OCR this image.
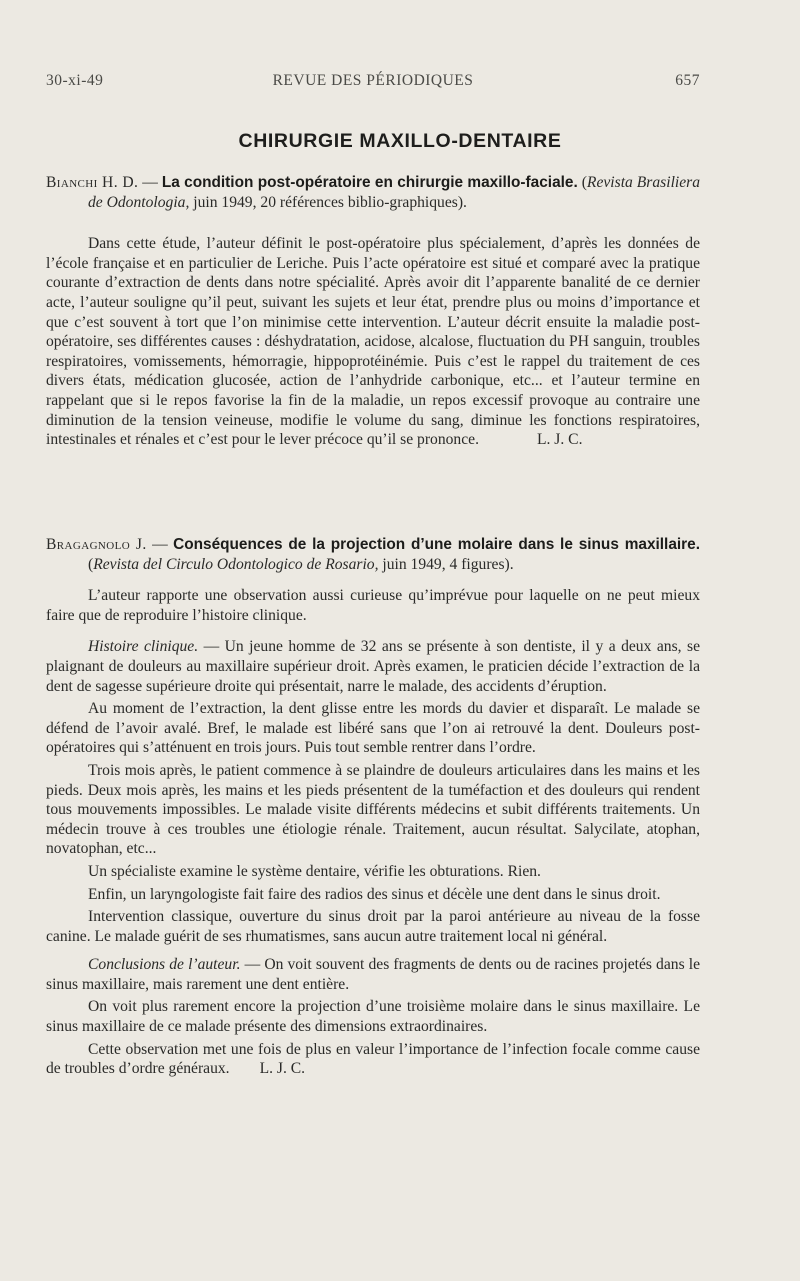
30-xi-49	REVUE DES PÉRIODIQUES	657
CHIRURGIE MAXILLO-DENTAIRE
Bianchi H. D. — La condition post-opératoire en chirurgie maxillo-faciale. (Revista Brasiliera de Odontologia, juin 1949, 20 références biblio-graphiques).

Dans cette étude, l’auteur définit le post-opératoire plus spécialement, d’après les données de l’école française et en particulier de Leriche. Puis l’acte opératoire est situé et comparé avec la pratique courante d’extraction de dents dans notre spécialité. Après avoir dit l’apparente banalité de ce dernier acte, l’auteur souligne qu’il peut, suivant les sujets et leur état, prendre plus ou moins d’importance et que c’est souvent à tort que l’on minimise cette intervention. L’auteur décrit ensuite la maladie post-opératoire, ses différentes causes : déshydratation, acidose, alcalose, fluctuation du PH sanguin, troubles respiratoires, vomissements, hémorragie, hippoprotéinémie. Puis c’est le rappel du traitement de ces divers états, médication glucosée, action de l’anhydride carbonique, etc... et l’auteur termine en rappelant que si le repos favorise la fin de la maladie, un repos excessif provoque au contraire une diminution de la tension veineuse, modifie le volume du sang, diminue les fonctions respiratoires, intestinales et rénales et c’est pour le lever précoce qu’il se prononce.	L. J. C.

Bragagnolo J. — Conséquences de la projection d’une molaire dans le sinus maxillaire. (Revista del Circulo Odontologico de Rosario, juin 1949, 4 figures).

L’auteur rapporte une observation aussi curieuse qu’imprévue pour laquelle on ne peut mieux faire que de reproduire l’histoire clinique.

Histoire clinique. — Un jeune homme de 32 ans se présente à son dentiste, il y a deux ans, se plaignant de douleurs au maxillaire supérieur droit. Après examen, le praticien décide l’extraction de la dent de sagesse supérieure droite qui présentait, narre le malade, des accidents d’éruption.

Au moment de l’extraction, la dent glisse entre les mords du davier et disparaît. Le malade se défend de l’avoir avalé. Bref, le malade est libéré sans que l’on ai retrouvé la dent. Douleurs post-opératoires qui s’atténuent en trois jours. Puis tout semble rentrer dans l’ordre.

Trois mois après, le patient commence à se plaindre de douleurs articulaires dans les mains et les pieds. Deux mois après, les mains et les pieds présentent de la tuméfaction et des douleurs qui rendent tous mouvements impossibles. Le malade visite différents médecins et subit différents traitements. Un médecin trouve à ces troubles une étiologie rénale. Traitement, aucun résultat. Salycilate, atophan, novatophan, etc...

Un spécialiste examine le système dentaire, vérifie les obturations. Rien.

Enfin, un laryngologiste fait faire des radios des sinus et décèle une dent dans le sinus droit.

Intervention classique, ouverture du sinus droit par la paroi antérieure au niveau de la fosse canine. Le malade guérit de ses rhumatismes, sans aucun autre traitement local ni général.

Conclusions de l’auteur. — On voit souvent des fragments de dents ou de racines projetés dans le sinus maxillaire, mais rarement une dent entière.

On voit plus rarement encore la projection d’une troisième molaire dans le sinus maxillaire. Le sinus maxillaire de ce malade présente des dimensions extraordinaires.

Cette observation met une fois de plus en valeur l’importance de l’infection focale comme cause de troubles d’ordre généraux. L. J. C.
